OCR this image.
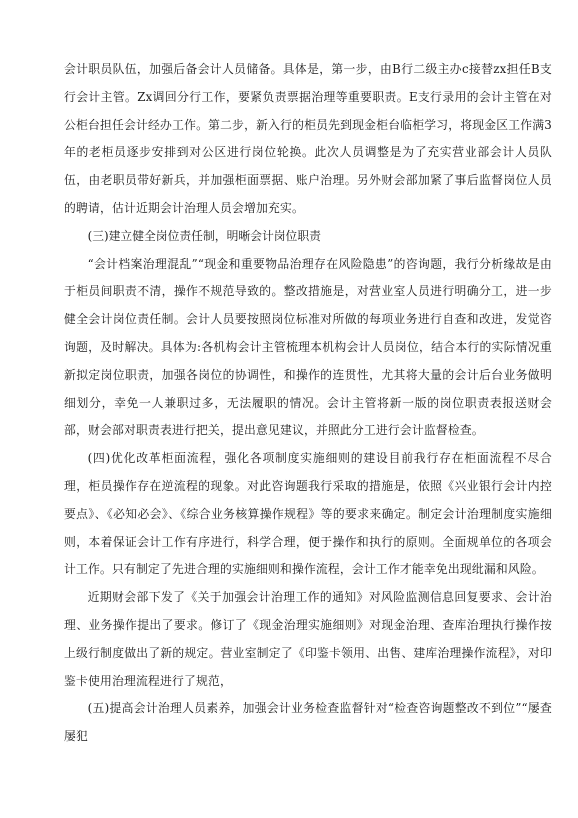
会计职员队伍，加强后备会计人员储备。具体是，第一步，由B行二级主办c接替zx担任B支行会计主管。Zx调回分行工作，要紧负责票据治理等重要职责。E支行录用的会计主管在对公柜台担任会计经办工作。第二步，新入行的柜员先到现金柜台临柜学习，将现金区工作满3年的老柜员逐步安排到对公区进行岗位轮换。此次人员调整是为了充实营业部会计人员队伍，由老职员带好新兵，并加强柜面票据、账户治理。另外财会部加紧了事后监督岗位人员的聘请，估计近期会计治理人员会增加充实。

(三)建立健全岗位责任制，明晰会计岗位职责

“会计档案治理混乱”“现金和重要物品治理存在风险隐患”的咨询题，我行分析缘故是由于柜员间职责不清，操作不规范导致的。整改措施是，对营业室人员进行明确分工，进一步健全会计岗位责任制。会计人员要按照岗位标准对所做的每项业务进行自查和改进，发觉咨询题，及时解决。具体为:各机构会计主管梳理本机构会计人员岗位，结合本行的实际情况重新拟定岗位职责，加强各岗位的协调性，和操作的连贯性，尤其将大量的会计后台业务做明细划分，幸免一人兼职过多，无法履职的情况。会计主管将新一版的岗位职责表报送财会部，财会部对职责表进行把关，提出意见建议，并照此分工进行会计监督检查。

(四)优化改革柜面流程，强化各项制度实施细则的建设目前我行存在柜面流程不尽合理，柜员操作存在逆流程的现象。对此咨询题我行采取的措施是，依照《兴业银行会计内控要点》、《必知必会》、《综合业务核算操作规程》等的要求来确定。制定会计治理制度实施细则，本着保证会计工作有序进行，科学合理，便于操作和执行的原则。全面规单位的各项会计工作。只有制定了先进合理的实施细则和操作流程，会计工作才能幸免出现纰漏和风险。

近期财会部下发了《关于加强会计治理工作的通知》对风险监测信息回复要求、会计治理、业务操作提出了要求。修订了《现金治理实施细则》对现金治理、查库治理执行操作按上级行制度做出了新的规定。营业室制定了《印鉴卡领用、出售、建库治理操作流程》，对印鉴卡使用治理流程进行了规范，

(五)提高会计治理人员素养，加强会计业务检查监督针对“检查咨询题整改不到位”“屡查屡犯
